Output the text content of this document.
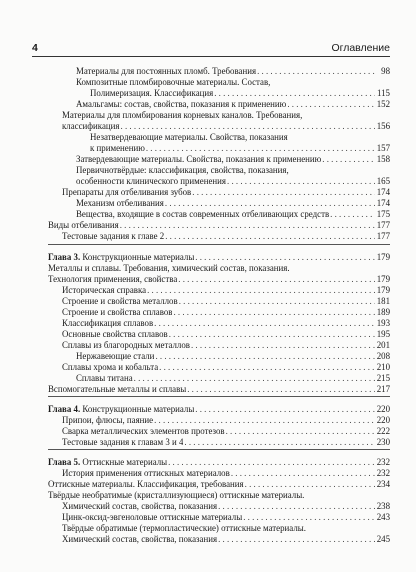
4	Оглавление
Материалы для постоянных пломб. Требования . . .	98
Композитные пломбировочные материалы. Состав,
Полимеризация. Классификация . . .	115
Амальгамы: состав, свойства, показания к применению . . .	152
Материалы для пломбирования корневых каналов. Требования,
классификация . . .	156
Незатвердевающие материалы. Свойства, показания
к применению . . .	157
Затвердевающие материалы. Свойства, показания к применению . . .	158
Первичнотвёрдые: классификация, свойства, показания,
особенности клинического применения . . .	165
Препараты для отбеливания зубов . . .	174
Механизм отбеливания . . .	174
Вещества, входящие в состав современных отбеливающих средств . . .	175
Виды отбеливания . . .	177
Тестовые задания к главе 2 . . .	177
Глава 3. Конструкционные материалы . . .	179
Металлы и сплавы. Требования, химический состав, показания.
Технология применения, свойства . . .	179
Историческая справка . . .	179
Строение и свойства металлов . . .	181
Строение и свойства сплавов . . .	189
Классификация сплавов . . .	193
Основные свойства сплавов . . .	195
Сплавы из благородных металлов . . .	201
Нержавеющие стали . . .	208
Сплавы хрома и кобальта . . .	210
Сплавы титана . . .	215
Вспомогательные металлы и сплавы . . .	217
Глава 4. Конструкционные материалы . . .	220
Припои, флюсы, паяние . . .	220
Сварка металлических элементов протезов . . .	222
Тестовые задания к главам 3 и 4 . . .	230
Глава 5. Оттискные материалы . . .	232
История применения оттискных материалов . . .	232
Оттискные материалы. Классификация, требования . . .	234
Твёрдые необратимые (кристаллизующиеся) оттискные материалы.
Химический состав, свойства, показания . . .	238
Цинк-оксид-эвгеноловые оттискные материалы . . .	243
Твёрдые обратимые (термопластические) оттискные материалы.
Химический состав, свойства, показания . . .	245
